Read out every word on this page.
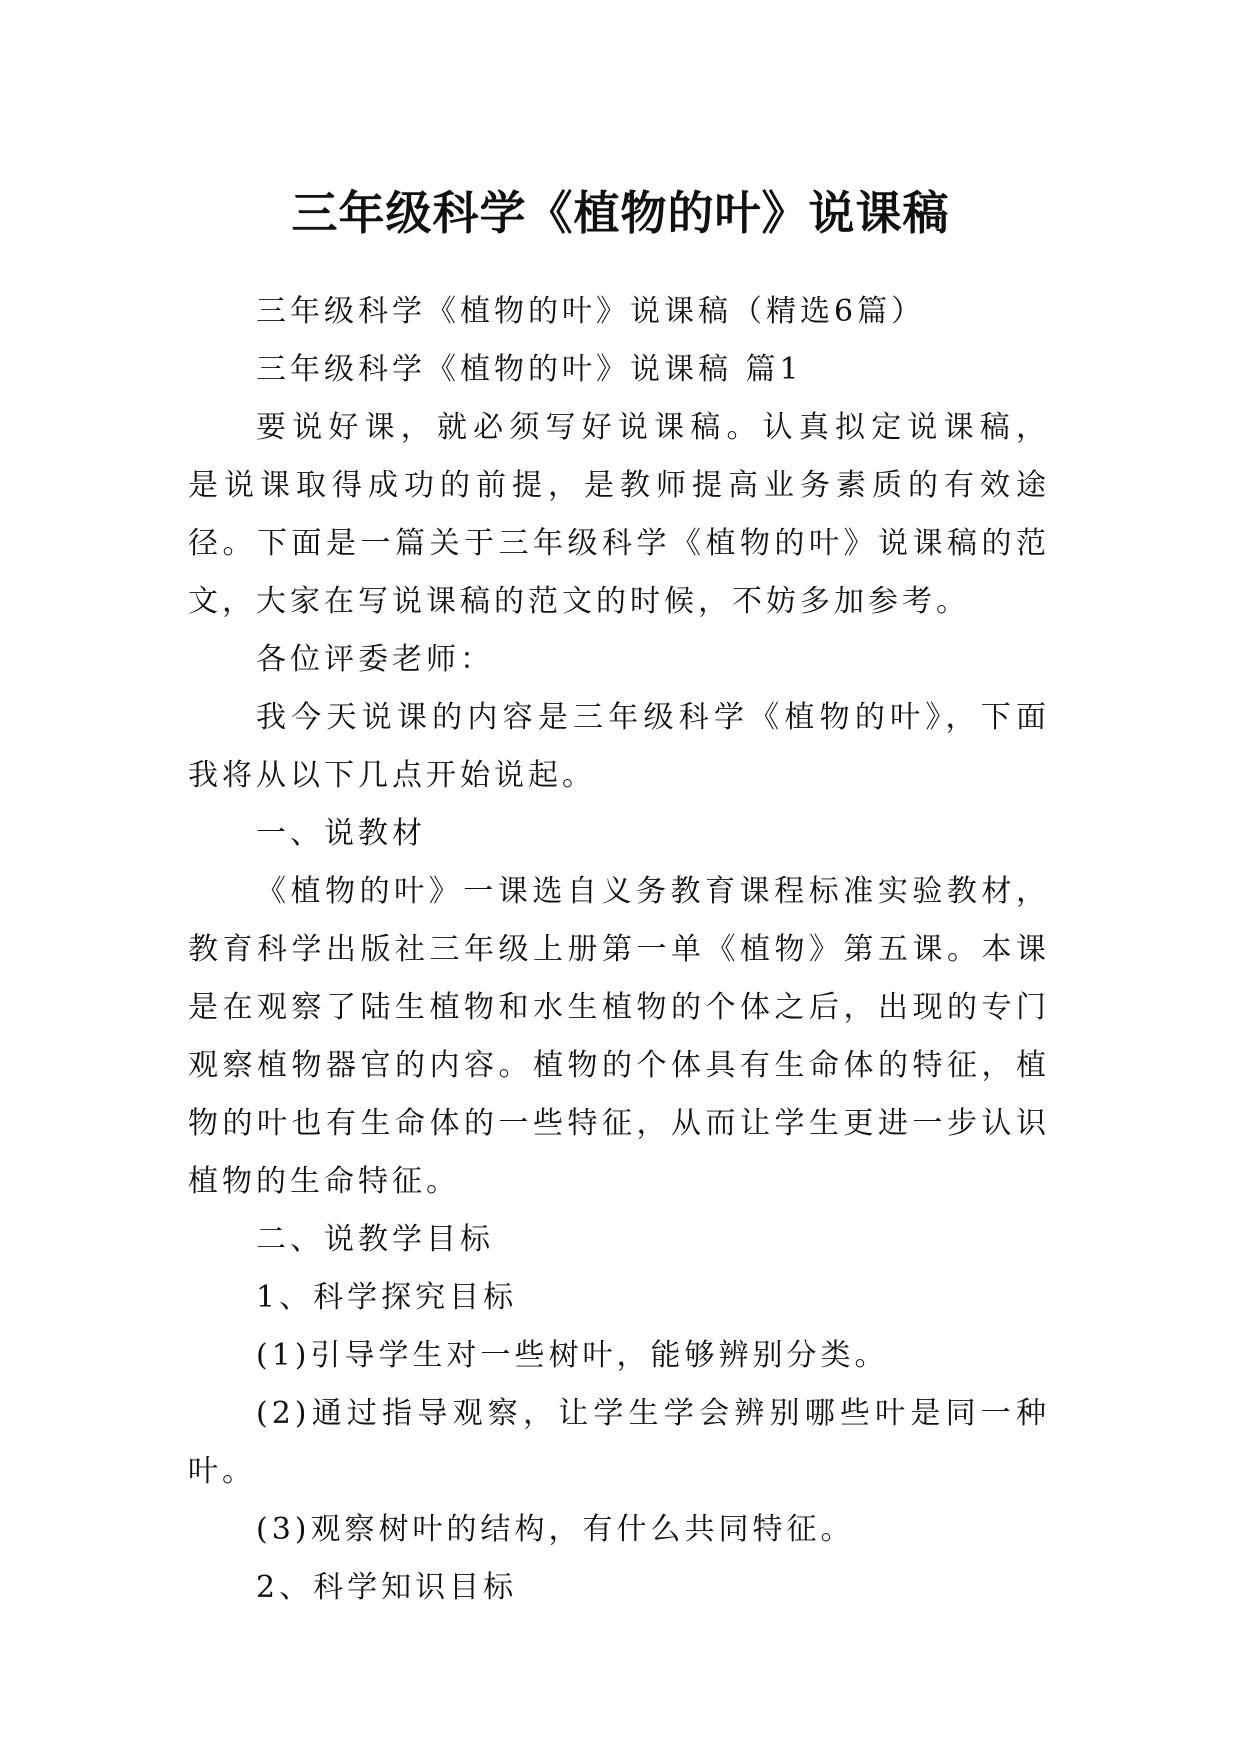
三年级科学《植物的叶》说课稿

三年级科学《植物的叶》说课稿（精选6篇）

三年级科学《植物的叶》说课稿 篇1

要说好课，就必须写好说课稿。认真拟定说课稿， 是说课取得成功的前提，是教师提高业务素质的有效途径。下面是一篇关于三年级科学《植物的叶》说课稿的范文，大家在写说课稿的范文的时候，不妨多加参考。

各位评委老师：

我今天说课的内容是三年级科学《植物的叶》，下面我将从以下几点开始说起。

一、说教材

《植物的叶》一课选自义务教育课程标准实验教材，教育科学出版社三年级上册第一单《植物》第五课。本课是在观察了陆生植物和水生植物的个体之后，出现的专门观察植物器官的内容。植物的个体具有生命体的特征，植物的叶也有生命体的一些特征，从而让学生更进一步认识植物的生命特征。

二、说教学目标

1、科学探究目标

(1)引导学生对一些树叶，能够辨别分类。

(2)通过指导观察，让学生学会辨别哪些叶是同一种叶。

(3)观察树叶的结构，有什么共同特征。

2、科学知识目标
